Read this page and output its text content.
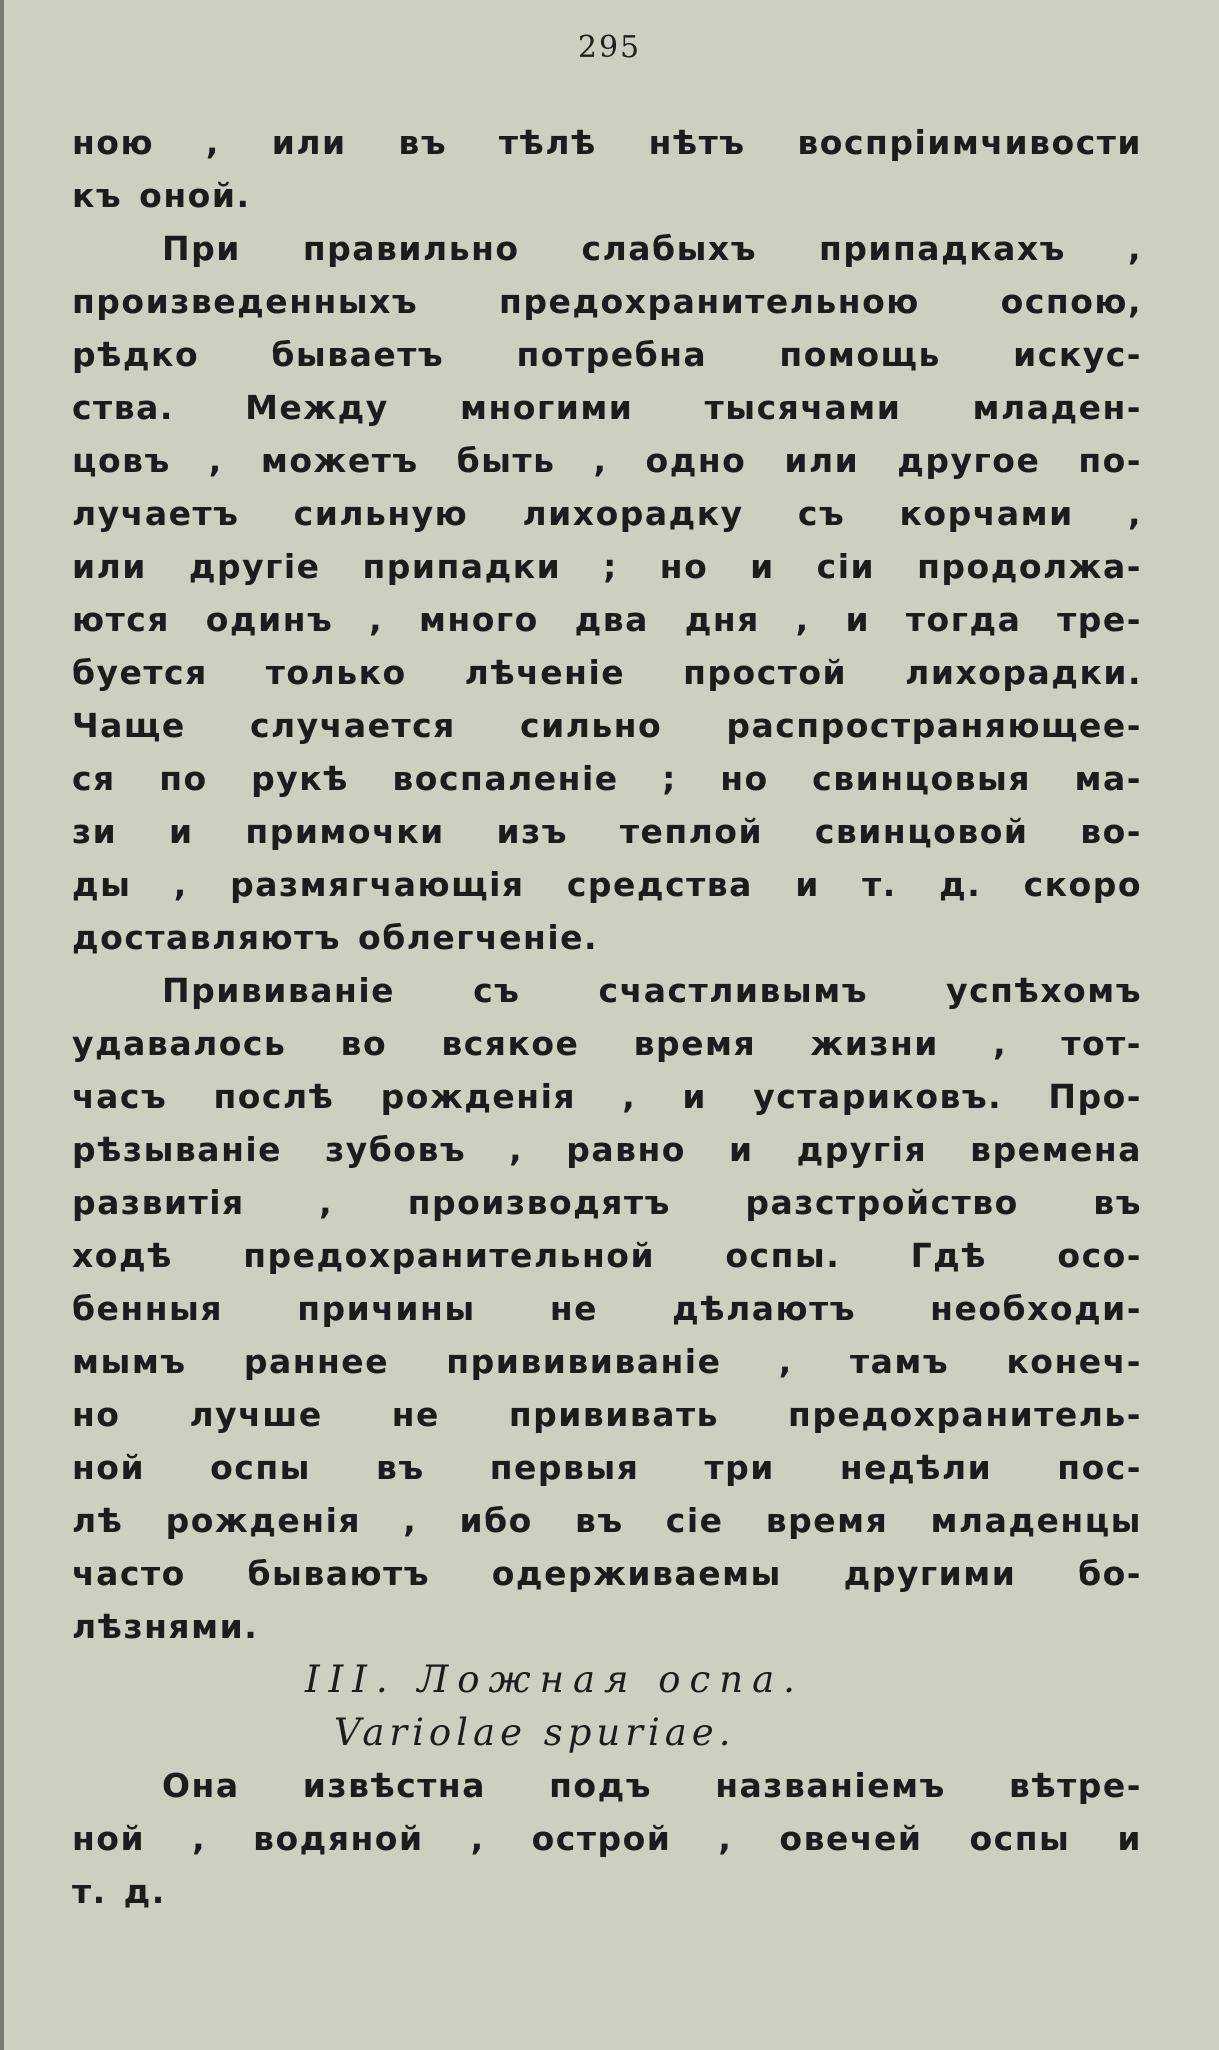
295
ною , или въ тѣлѣ нѣтъ воспріимчивости
къ оной.
При правильно слабыхъ припадкахъ ,
произведенныхъ предохранительною оспою,
рѣдко бываетъ потребна помощь искус-
ства. Между многими тысячами младен-
цовъ , можетъ быть , одно или другое по-
лучаетъ сильную лихорадку съ корчами ,
или другіе припадки ; но и сіи продолжа-
ются одинъ , много два дня , и тогда тре-
буется только лѣченіе простой лихорадки.
Чаще случается сильно распространяющее-
ся по рукѣ воспаленіе ; но свинцовыя ма-
зи и примочки изъ теплой свинцовой во-
ды , размягчающія средства и т. д. скоро
доставляютъ облегченіе.
Прививаніе съ счастливымъ успѣхомъ
удавалось во всякое время жизни , тот-
часъ послѣ рожденія , и устариковъ. Про-
рѣзываніе зубовъ , равно и другія времена
развитія , производятъ разстройство въ
ходѣ предохранительной оспы. Гдѣ осо-
бенныя причины не дѣлаютъ необходи-
мымъ раннее привививаніе , тамъ конеч-
но лучше не прививать предохранитель-
ной оспы въ первыя три недѣли пос-
лѣ рожденія , ибо въ сіе время младенцы
часто бываютъ одерживаемы другими бо-
лѣзнями.
III. Ложная оспа.
Variolae spuriae.
Она извѣстна подъ названіемъ вѣтре-
ной , водяной , острой , овечей оспы и
т. д.
